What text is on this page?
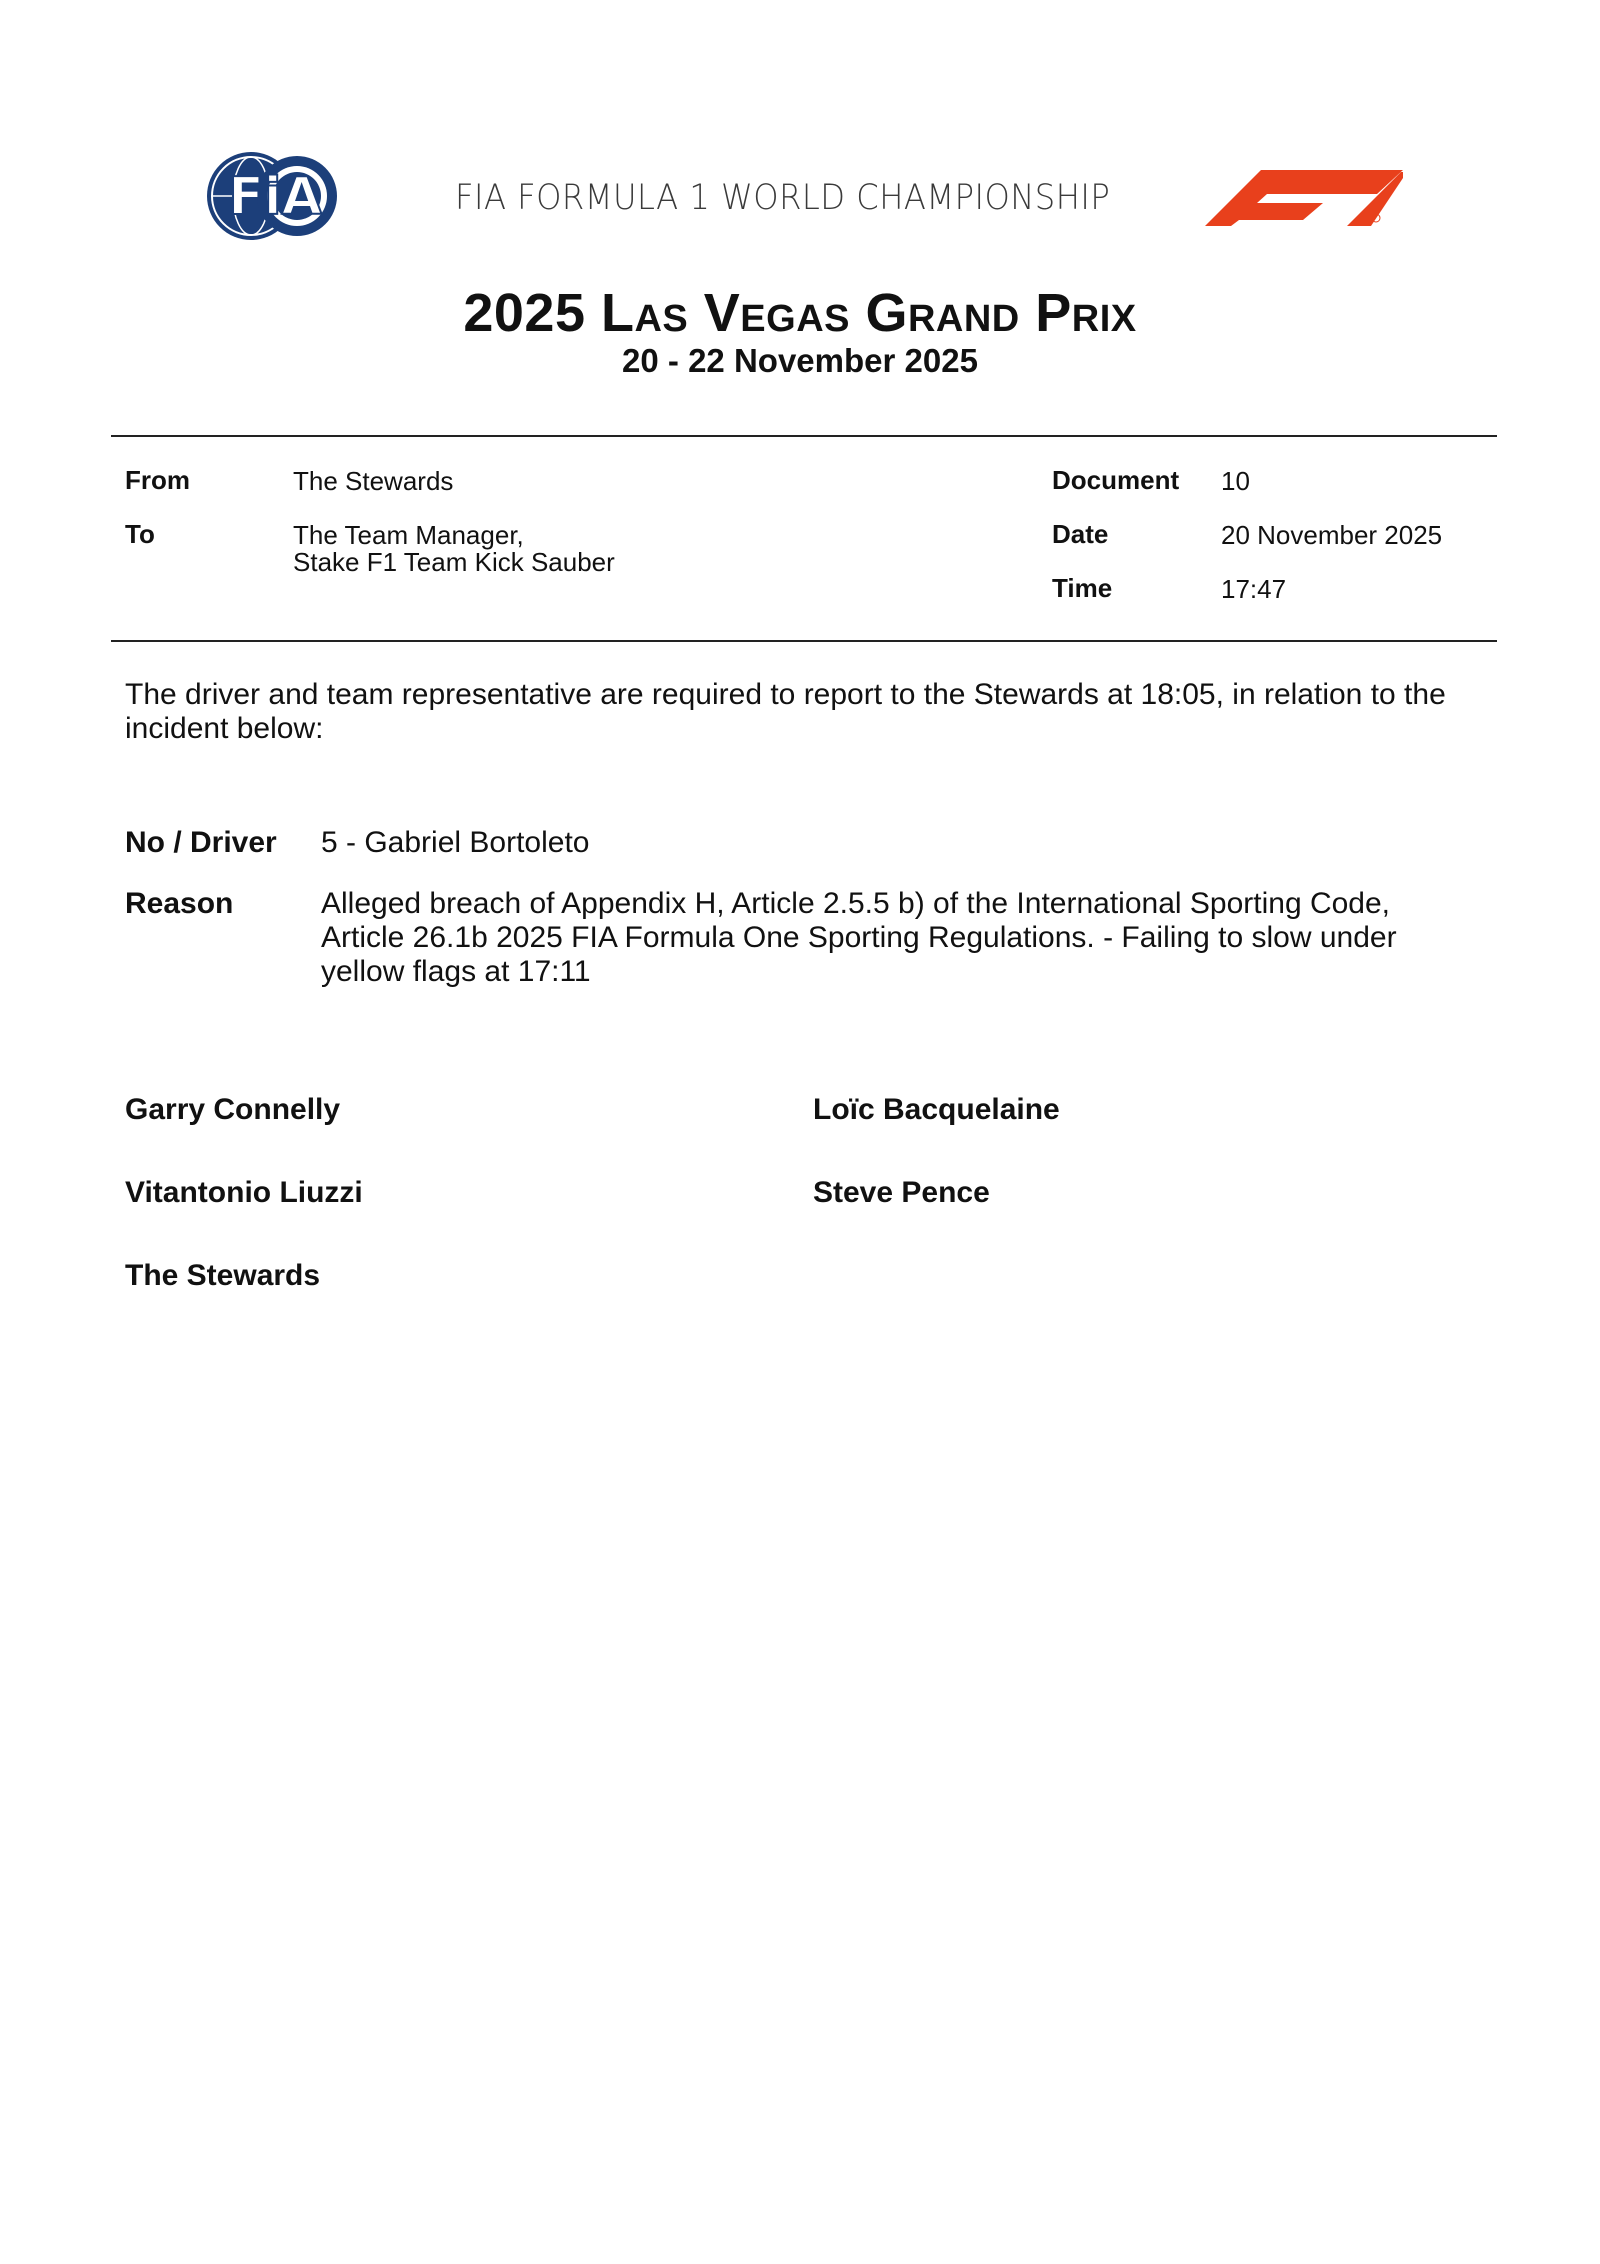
FiA	FIA FORMULA 1 WORLD CHAMPIONSHIP
2025 Las Vegas Grand Prix
20 - 22 November 2025
From	The Stewards
To	The Team Manager,
Stake F1 Team Kick Sauber
Document 10
Date	20 November 2025
Time	17:47
The driver and team representative are required to report to the Stewards at 18:05, in relation to the incident below:
No / Driver 5 - Gabriel Bortoleto
Reason	Alleged breach of Appendix H, Article 2.5.5 b) of the International Sporting Code, Article 26.1b 2025 FIA Formula One Sporting Regulations. - Failing to slow under yellow flags at 17:11
Garry Connelly	Loïc Bacquelaine
Vitantonio Liuzzi	Steve Pence
The Stewards
